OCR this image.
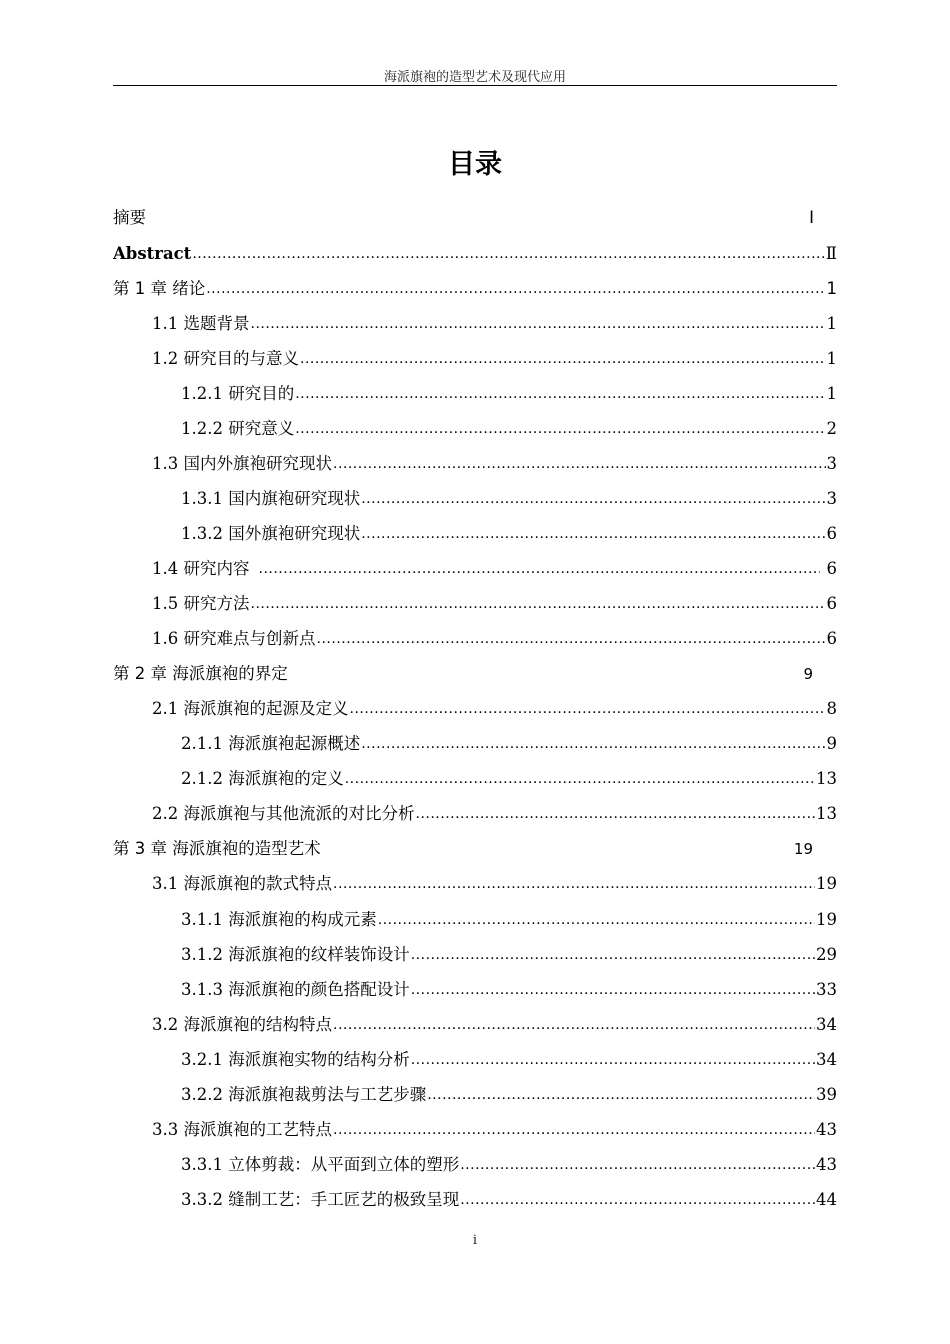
海派旗袍的造型艺术及现代应用
目录
摘要	Ⅰ
Abstract .....	Ⅱ
第 1 章 绪论 .....	1
1.1 选题背景 .....	1
1.2 研究目的与意义 .....	1
1.2.1 研究目的 .....	1
1.2.2 研究意义 .....	2
1.3 国内外旗袍研究现状 .....	3
1.3.1 国内旗袍研究现状 .....	3
1.3.2 国外旗袍研究现状 .....	6
1.4 研究内容 .....	6
1.5 研究方法 .....	6
1.6 研究难点与创新点 .....	6
第 2 章 海派旗袍的界定	9
2.1 海派旗袍的起源及定义 .....	8
2.1.1 海派旗袍起源概述 .....	9
2.1.2 海派旗袍的定义 .....	13
2.2 海派旗袍与其他流派的对比分析 .....	13
第 3 章 海派旗袍的造型艺术	19
3.1 海派旗袍的款式特点 .....	19
3.1.1 海派旗袍的构成元素 .....	19
3.1.2 海派旗袍的纹样装饰设计 .....	29
3.1.3 海派旗袍的颜色搭配设计 .....	33
3.2 海派旗袍的结构特点 .....	34
3.2.1 海派旗袍实物的结构分析 .....	34
3.2.2 海派旗袍裁剪法与工艺步骤 .....	39
3.3 海派旗袍的工艺特点 .....	43
3.3.1 立体剪裁：从平面到立体的塑形 .....	43
3.3.2 缝制工艺：手工匠艺的极致呈现 .....	44
i
